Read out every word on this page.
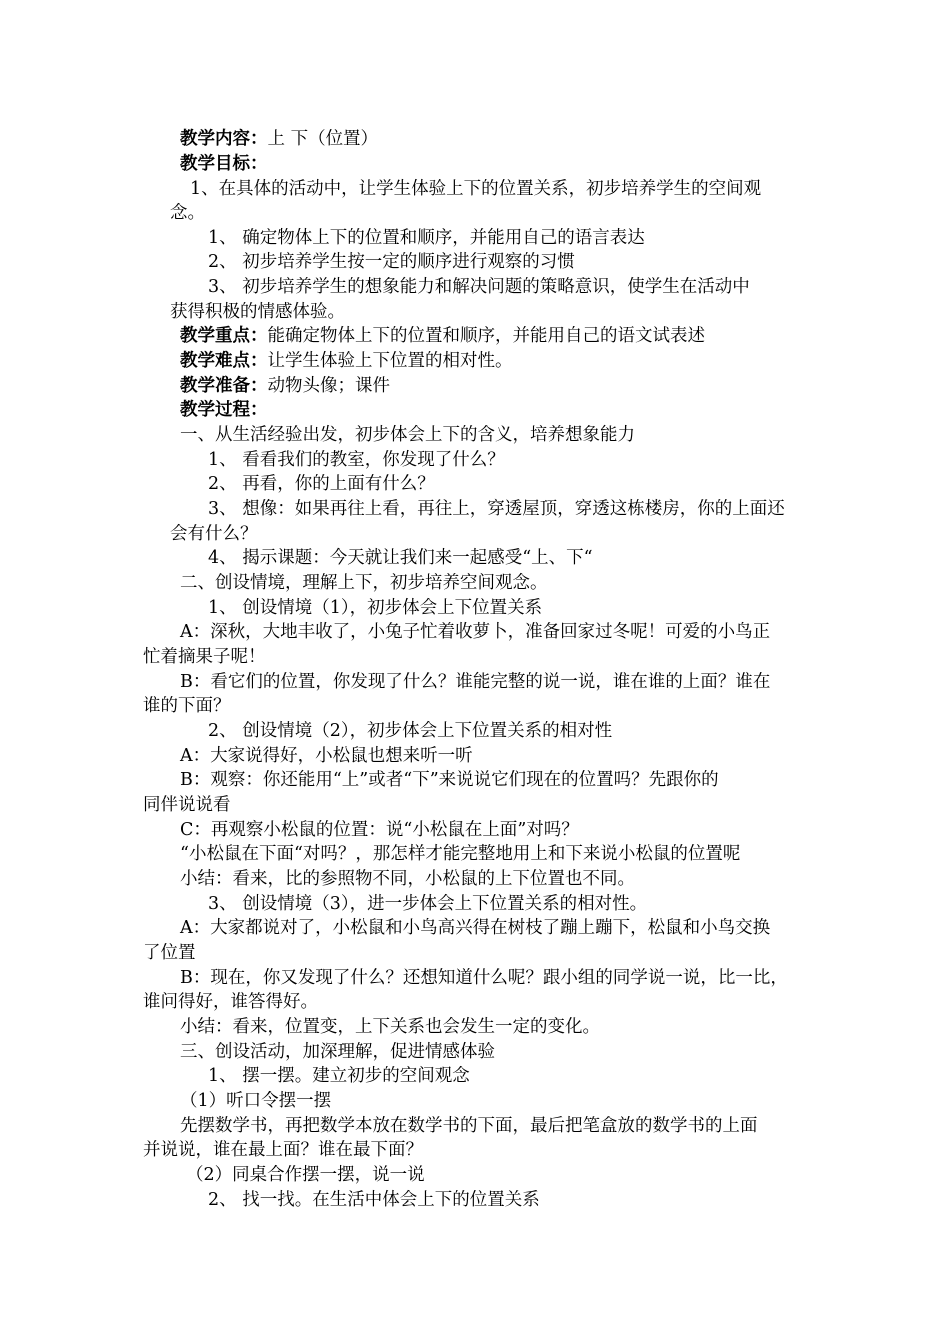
教学内容：上 下（位置）
教学目标：
1、在具体的活动中，让学生体验上下的位置关系，初步培养学生的空间观
念。
1、 确定物体上下的位置和顺序，并能用自己的语言表达
2、 初步培养学生按一定的顺序进行观察的习惯
3、 初步培养学生的想象能力和解决问题的策略意识，使学生在活动中
获得积极的情感体验。
教学重点：能确定物体上下的位置和顺序，并能用自己的语文试表述
教学难点：让学生体验上下位置的相对性。
教学准备：动物头像；课件
教学过程：
一、从生活经验出发，初步体会上下的含义，培养想象能力
1、 看看我们的教室，你发现了什么？
2、 再看，你的上面有什么？
3、 想像：如果再往上看，再往上，穿透屋顶，穿透这栋楼房，你的上面还
会有什么？
4、 揭示课题：今天就让我们来一起感受“上、下“
二、创设情境，理解上下，初步培养空间观念。
1、 创设情境（1），初步体会上下位置关系
A：深秋，大地丰收了，小兔子忙着收萝卜，准备回家过冬呢！可爱的小鸟正
忙着摘果子呢！
B：看它们的位置，你发现了什么？谁能完整的说一说，谁在谁的上面？谁在
谁的下面？
2、 创设情境（2），初步体会上下位置关系的相对性
A：大家说得好，小松鼠也想来听一听
B：观察：你还能用“上”或者“下”来说说它们现在的位置吗？先跟你的
同伴说说看
C：再观察小松鼠的位置：说“小松鼠在上面”对吗？
“小松鼠在下面“对吗？，那怎样才能完整地用上和下来说小松鼠的位置呢
小结：看来，比的参照物不同，小松鼠的上下位置也不同。
3、 创设情境（3），进一步体会上下位置关系的相对性。
A：大家都说对了，小松鼠和小鸟高兴得在树枝了蹦上蹦下，松鼠和小鸟交换
了位置
B：现在，你又发现了什么？还想知道什么呢？跟小组的同学说一说，比一比，
谁问得好，谁答得好。
小结：看来，位置变，上下关系也会发生一定的变化。
三、创设活动，加深理解，促进情感体验
1、 摆一摆。建立初步的空间观念
（1）听口令摆一摆
先摆数学书，再把数学本放在数学书的下面，最后把笔盒放的数学书的上面
并说说，谁在最上面？谁在最下面？
（2）同桌合作摆一摆，说一说
2、 找一找。在生活中体会上下的位置关系
